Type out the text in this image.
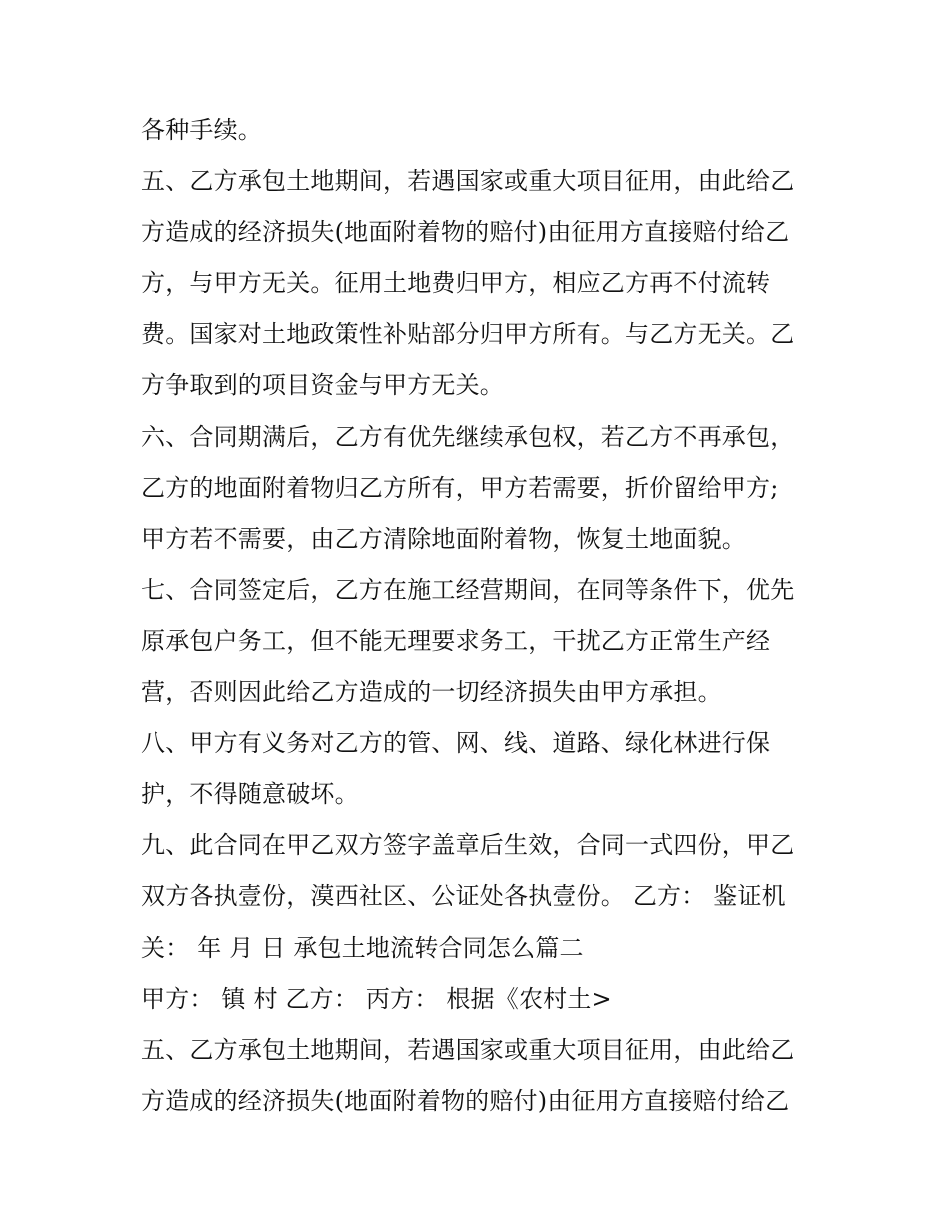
各种手续。
五、乙方承包土地期间，若遇国家或重大项目征用，由此给乙
方造成的经济损失(地面附着物的赔付)由征用方直接赔付给乙
方，与甲方无关。征用土地费归甲方，相应乙方再不付流转
费。国家对土地政策性补贴部分归甲方所有。与乙方无关。乙
方争取到的项目资金与甲方无关。
六、合同期满后，乙方有优先继续承包权，若乙方不再承包，
乙方的地面附着物归乙方所有，甲方若需要，折价留给甲方;
甲方若不需要，由乙方清除地面附着物，恢复土地面貌。
七、合同签定后，乙方在施工经营期间，在同等条件下，优先
原承包户务工，但不能无理要求务工，干扰乙方正常生产经
营，否则因此给乙方造成的一切经济损失由甲方承担。
八、甲方有义务对乙方的管、网、线、道路、绿化林进行保
护，不得随意破坏。
九、此合同在甲乙双方签字盖章后生效，合同一式四份，甲乙
双方各执壹份，漠西社区、公证处各执壹份。 乙方： 鉴证机
关： 年 月 日 承包土地流转合同怎么篇二
甲方： 镇 村 乙方： 丙方： 根据《农村土>
五、乙方承包土地期间，若遇国家或重大项目征用，由此给乙
方造成的经济损失(地面附着物的赔付)由征用方直接赔付给乙
